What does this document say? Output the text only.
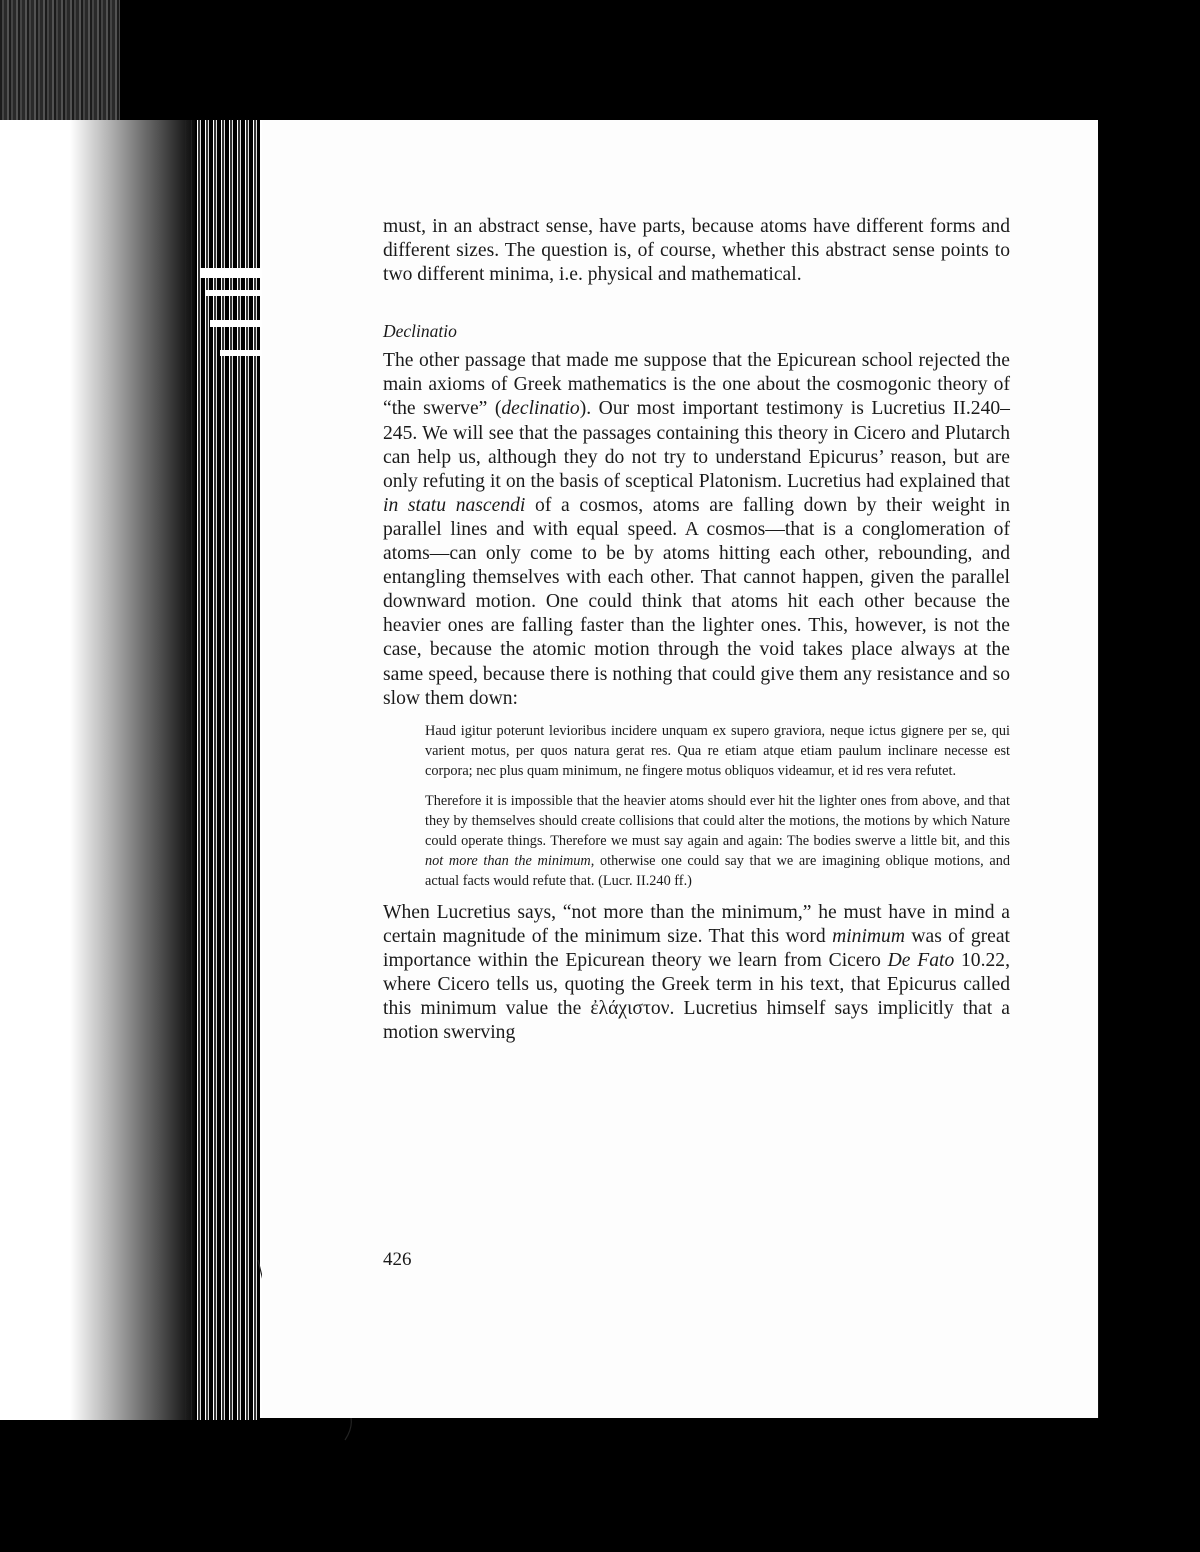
must, in an abstract sense, have parts, because atoms have different forms and different sizes. The question is, of course, whether this abstract sense points to two different minima, i.e. physical and mathematical.

Declinatio

The other passage that made me suppose that the Epicurean school rejected the main axioms of Greek mathematics is the one about the cosmogonic theory of “the swerve” (declinatio). Our most important testimony is Lucretius II.240–245. We will see that the passages containing this theory in Cicero and Plutarch can help us, although they do not try to understand Epicurus’ reason, but are only refuting it on the basis of sceptical Platonism. Lucretius had explained that in statu nascendi of a cosmos, atoms are falling down by their weight in parallel lines and with equal speed. A cosmos—that is a conglomeration of atoms—can only come to be by atoms hitting each other, rebounding, and entangling themselves with each other. That cannot happen, given the parallel downward motion. One could think that atoms hit each other because the heavier ones are falling faster than the lighter ones. This, however, is not the case, because the atomic motion through the void takes place always at the same speed, because there is nothing that could give them any resistance and so slow them down:

Haud igitur poterunt levioribus incidere unquam ex supero graviora, neque ictus gignere per se, qui varient motus, per quos natura gerat res. Qua re etiam atque etiam paulum inclinare necesse est corpora; nec plus quam minimum, ne fingere motus obliquos videamur, et id res vera refutet.

Therefore it is impossible that the heavier atoms should ever hit the lighter ones from above, and that they by themselves should create collisions that could alter the motions, the motions by which Nature could operate things. Therefore we must say again and again: The bodies swerve a little bit, and this not more than the minimum, otherwise one could say that we are imagining oblique motions, and actual facts would refute that. (Lucr. II.240 ff.)

When Lucretius says, “not more than the minimum,” he must have in mind a certain magnitude of the minimum size. That this word minimum was of great importance within the Epicurean theory we learn from Cicero De Fato 10.22, where Cicero tells us, quoting the Greek term in his text, that Epicurus called this minimum value the ἐλάχιστον. Lucretius himself says implicitly that a motion swerving

426
